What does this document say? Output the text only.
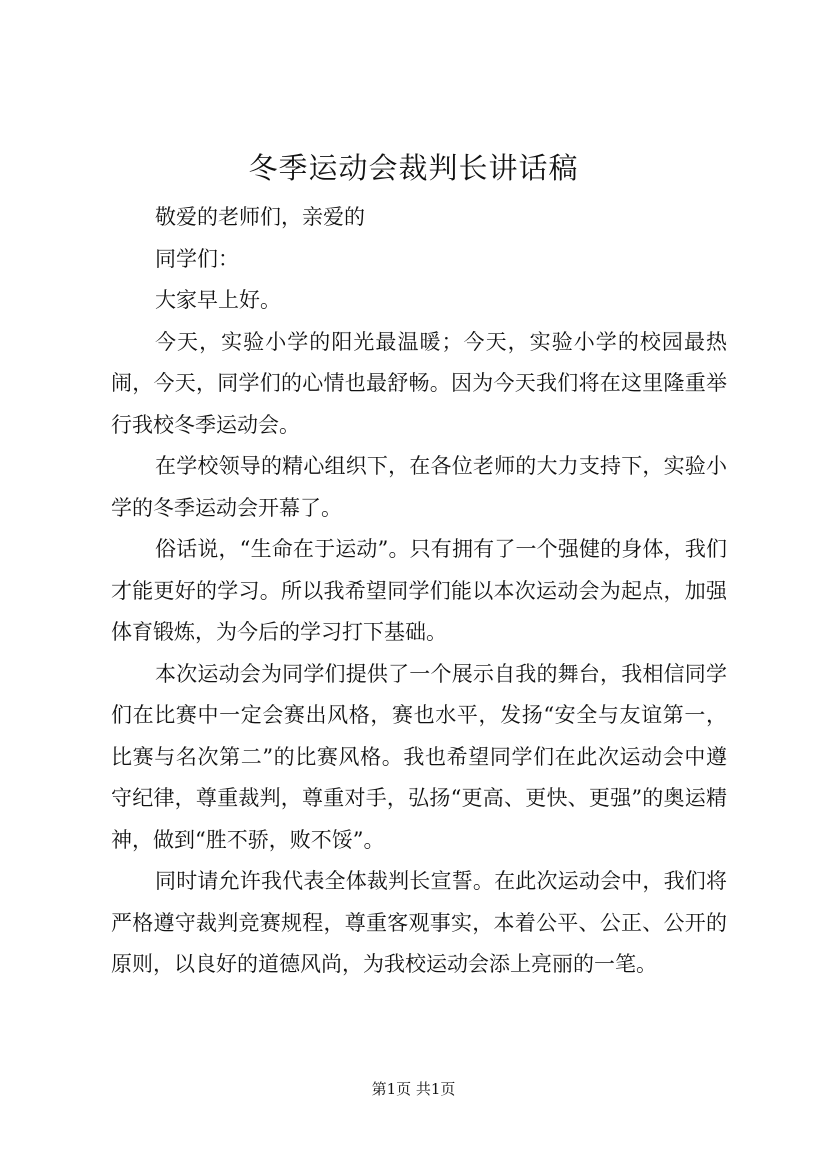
冬季运动会裁判长讲话稿

敬爱的老师们，亲爱的

同学们：

大家早上好。

今天，实验小学的阳光最温暖；今天，实验小学的校园最热闹，今天，同学们的心情也最舒畅。因为今天我们将在这里隆重举行我校冬季运动会。

在学校领导的精心组织下，在各位老师的大力支持下，实验小学的冬季运动会开幕了。

俗话说，“生命在于运动”。只有拥有了一个强健的身体，我们才能更好的学习。所以我希望同学们能以本次运动会为起点，加强体育锻炼，为今后的学习打下基础。

本次运动会为同学们提供了一个展示自我的舞台，我相信同学们在比赛中一定会赛出风格，赛也水平，发扬“安全与友谊第一，比赛与名次第二”的比赛风格。我也希望同学们在此次运动会中遵守纪律，尊重裁判，尊重对手，弘扬“更高、更快、更强”的奥运精神，做到“胜不骄，败不馁”。

同时请允许我代表全体裁判长宣誓。在此次运动会中，我们将严格遵守裁判竞赛规程，尊重客观事实，本着公平、公正、公开的原则，以良好的道德风尚，为我校运动会添上亮丽的一笔。

第1页 共1页
